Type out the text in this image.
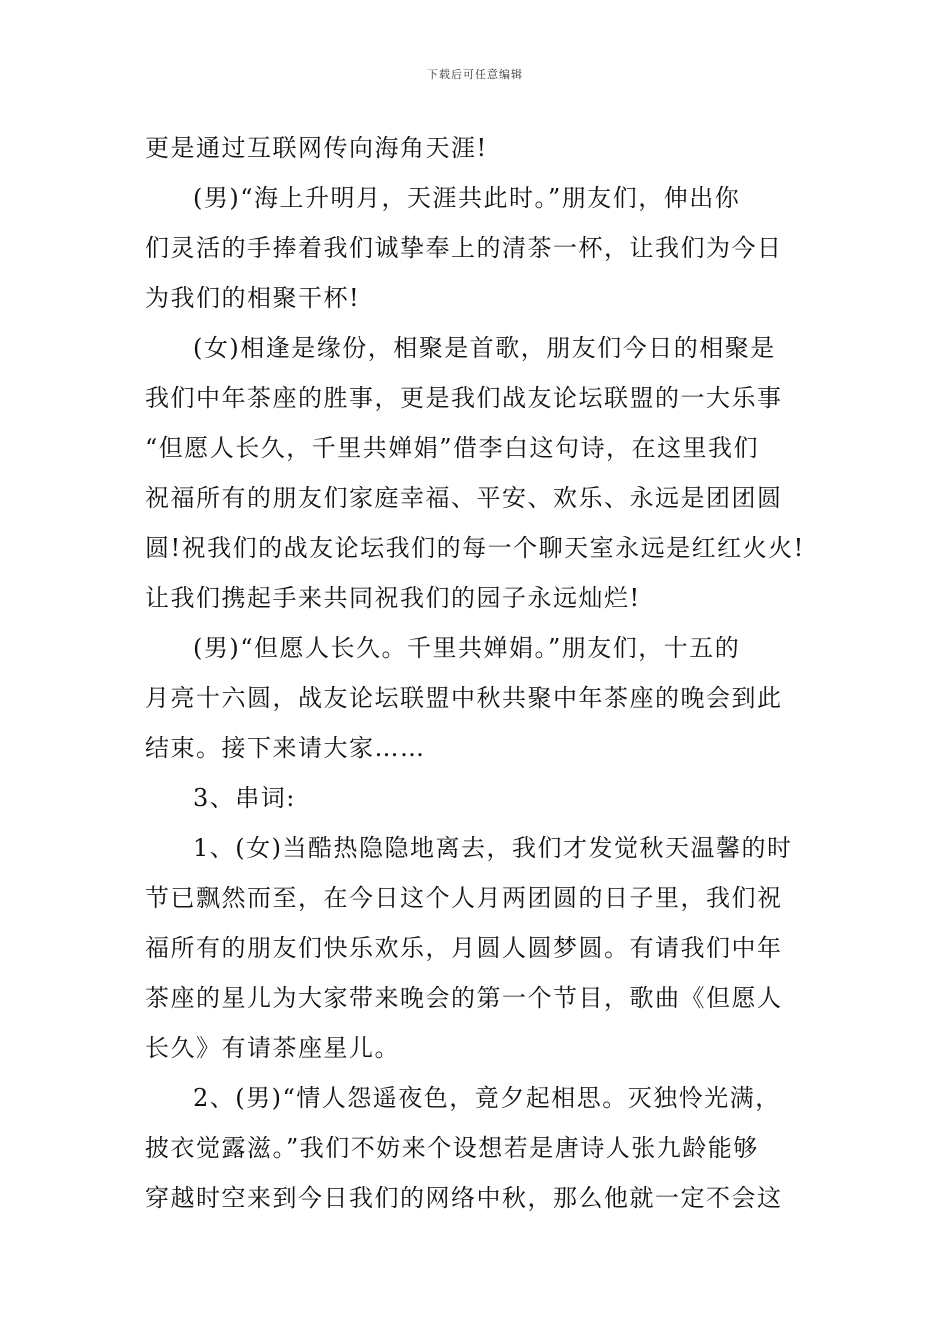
下载后可任意编辑
更是通过互联网传向海角天涯!
(男)“海上升明月，天涯共此时。”朋友们，伸出你
们灵活的手捧着我们诚挚奉上的清茶一杯，让我们为今日
为我们的相聚干杯!
(女)相逢是缘份，相聚是首歌，朋友们今日的相聚是
我们中年茶座的胜事，更是我们战友论坛联盟的一大乐事
“但愿人长久，千里共婵娟”借李白这句诗，在这里我们
祝福所有的朋友们家庭幸福、平安、欢乐、永远是团团圆
圆!祝我们的战友论坛我们的每一个聊天室永远是红红火火!
让我们携起手来共同祝我们的园子永远灿烂!
(男)“但愿人长久。千里共婵娟。”朋友们，十五的
月亮十六圆，战友论坛联盟中秋共聚中年茶座的晚会到此
结束。接下来请大家……
3、串词:
1、(女)当酷热隐隐地离去，我们才发觉秋天温馨的时
节已飘然而至，在今日这个人月两团圆的日子里，我们祝
福所有的朋友们快乐欢乐，月圆人圆梦圆。有请我们中年
茶座的星儿为大家带来晚会的第一个节目，歌曲《但愿人
长久》有请茶座星儿。
2、(男)“情人怨遥夜色，竟夕起相思。灭独怜光满，
披衣觉露滋。”我们不妨来个设想若是唐诗人张九龄能够
穿越时空来到今日我们的网络中秋，那么他就一定不会这
